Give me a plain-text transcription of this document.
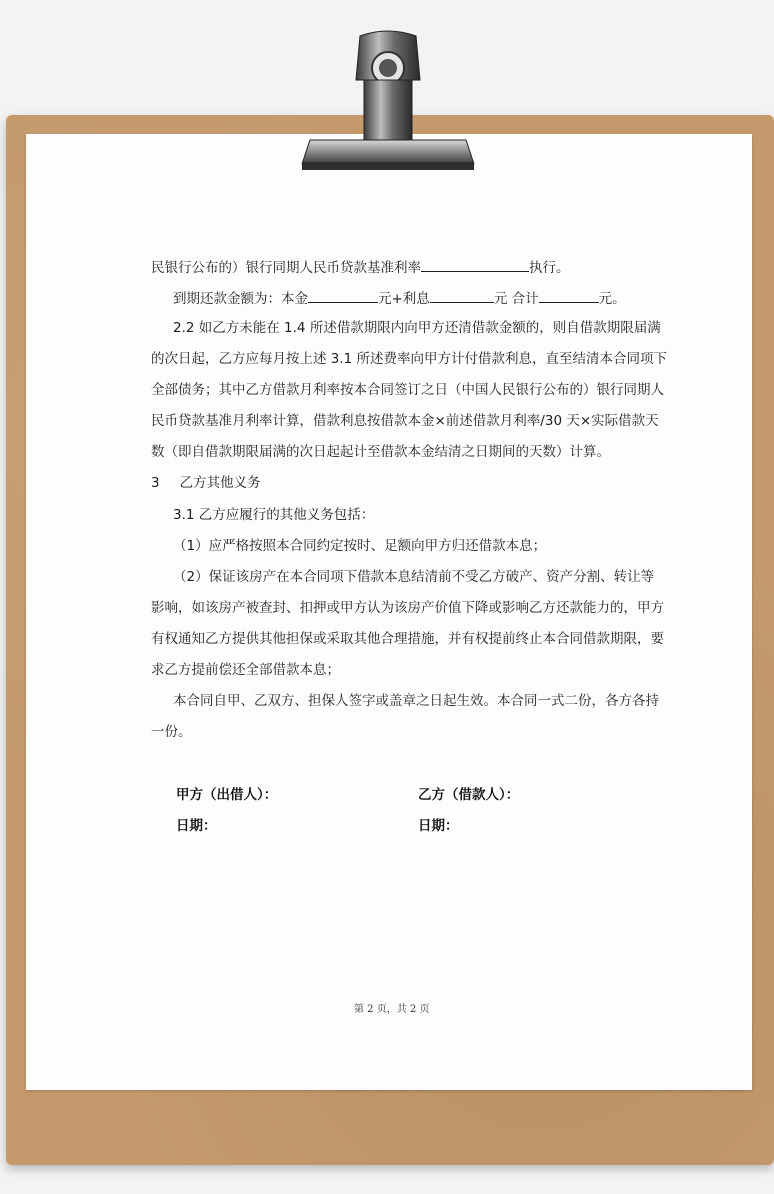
民银行公布的）银行同期人民币贷款基准利率	执行。
到期还款金额为：本金	元+利息	元 合计	元。
2.2 如乙方未能在 1.4 所述借款期限内向甲方还清借款金额的，则自借款期限届满
的次日起，乙方应每月按上述 3.1 所述费率向甲方计付借款利息，直至结清本合同项下
全部债务；其中乙方借款月利率按本合同签订之日（中国人民银行公布的）银行同期人
民币贷款基准月利率计算，借款利息按借款本金×前述借款月利率/30 天×实际借款天
数（即自借款期限届满的次日起起计至借款本金结清之日期间的天数）计算。
3 乙方其他义务
3.1 乙方应履行的其他义务包括：
（1）应严格按照本合同约定按时、足额向甲方归还借款本息；
（2）保证该房产在本合同项下借款本息结清前不受乙方破产、资产分割、转让等
影响，如该房产被查封、扣押或甲方认为该房产价值下降或影响乙方还款能力的，甲方
有权通知乙方提供其他担保或采取其他合理措施，并有权提前终止本合同借款期限，要
求乙方提前偿还全部借款本息；
本合同自甲、乙双方、担保人签字或盖章之日起生效。本合同一式二份，各方各持
一份。
甲方（出借人）：	乙方（借款人）：
日期：	日期：
第 2 页，共 2 页
